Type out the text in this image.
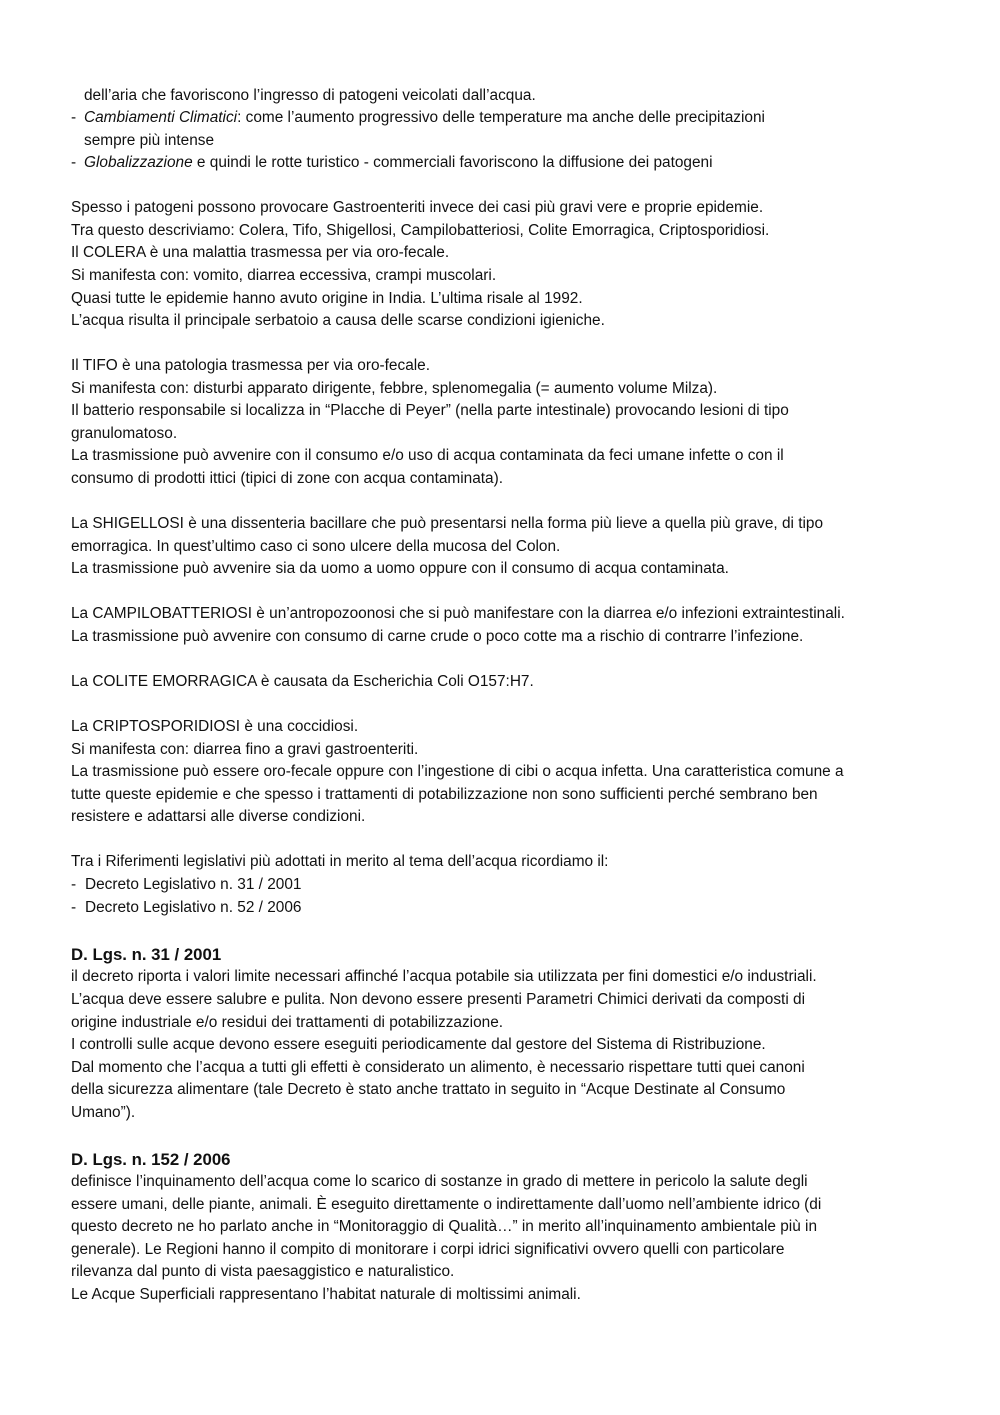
dell’aria che favoriscono l’ingresso di patogeni veicolati dall’acqua.
- Cambiamenti Climatici: come l’aumento progressivo delle temperature ma anche delle precipitazioni
sempre più intense
- Globalizzazione e quindi le rotte turistico - commerciali favoriscono la diffusione dei patogeni
Spesso i patogeni possono provocare Gastroenteriti invece dei casi più gravi vere e proprie epidemie.
Tra questo descriviamo: Colera, Tifo, Shigellosi, Campilobatteriosi, Colite Emorragica, Criptosporidiosi.
Il COLERA è una malattia trasmessa per via oro-fecale.
Si manifesta con: vomito, diarrea eccessiva, crampi muscolari.
Quasi tutte le epidemie hanno avuto origine in India. L’ultima risale al 1992.
L’acqua risulta il principale serbatoio a causa delle scarse condizioni igieniche.
Il TIFO è una patologia trasmessa per via oro-fecale.
Si manifesta con: disturbi apparato dirigente, febbre, splenomegalia (= aumento volume Milza).
Il batterio responsabile si localizza in “Placche di Peyer” (nella parte intestinale) provocando lesioni di tipo
granulomatoso.
La trasmissione può avvenire con il consumo e/o uso di acqua contaminata da feci umane infette o con il
consumo di prodotti ittici (tipici di zone con acqua contaminata).
La SHIGELLOSI è una dissenteria bacillare che può presentarsi nella forma più lieve a quella più grave, di tipo
emorragica. In quest’ultimo caso ci sono ulcere della mucosa del Colon.
La trasmissione può avvenire sia da uomo a uomo oppure con il consumo di acqua contaminata.
La CAMPILOBATTERIOSI è un’antropozoonosi che si può manifestare con la diarrea e/o infezioni extraintestinali.
La trasmissione può avvenire con consumo di carne crude o poco cotte ma a rischio di contrarre l’infezione.
La COLITE EMORRAGICA è causata da Escherichia Coli O157:H7.
La CRIPTOSPORIDIOSI è una coccidiosi.
Si manifesta con: diarrea fino a gravi gastroenteriti.
La trasmissione può essere oro-fecale oppure con l’ingestione di cibi o acqua infetta. Una caratteristica comune a
tutte queste epidemie e che spesso i trattamenti di potabilizzazione non sono sufficienti perché sembrano ben
resistere e adattarsi alle diverse condizioni.
Tra i Riferimenti legislativi più adottati in merito al tema dell’acqua ricordiamo il:
- Decreto Legislativo n. 31 / 2001
- Decreto Legislativo n. 52 / 2006
D. Lgs. n. 31 / 2001
il decreto riporta i valori limite necessari affinché l’acqua potabile sia utilizzata per fini domestici e/o industriali.
L’acqua deve essere salubre e pulita. Non devono essere presenti Parametri Chimici derivati da composti di
origine industriale e/o residui dei trattamenti di potabilizzazione.
I controlli sulle acque devono essere eseguiti periodicamente dal gestore del Sistema di Ristribuzione.
Dal momento che l’acqua a tutti gli effetti è considerato un alimento, è necessario rispettare tutti quei canoni
della sicurezza alimentare (tale Decreto è stato anche trattato in seguito in “Acque Destinate al Consumo
Umano”).
D. Lgs. n. 152 / 2006
definisce l’inquinamento dell’acqua come lo scarico di sostanze in grado di mettere in pericolo la salute degli
essere umani, delle piante, animali. È eseguito direttamente o indirettamente dall’uomo nell’ambiente idrico (di
questo decreto ne ho parlato anche in “Monitoraggio di Qualità…” in merito all’inquinamento ambientale più in
generale). Le Regioni hanno il compito di monitorare i corpi idrici significativi ovvero quelli con particolare
rilevanza dal punto di vista paesaggistico e naturalistico.
Le Acque Superficiali rappresentano l’habitat naturale di moltissimi animali.
